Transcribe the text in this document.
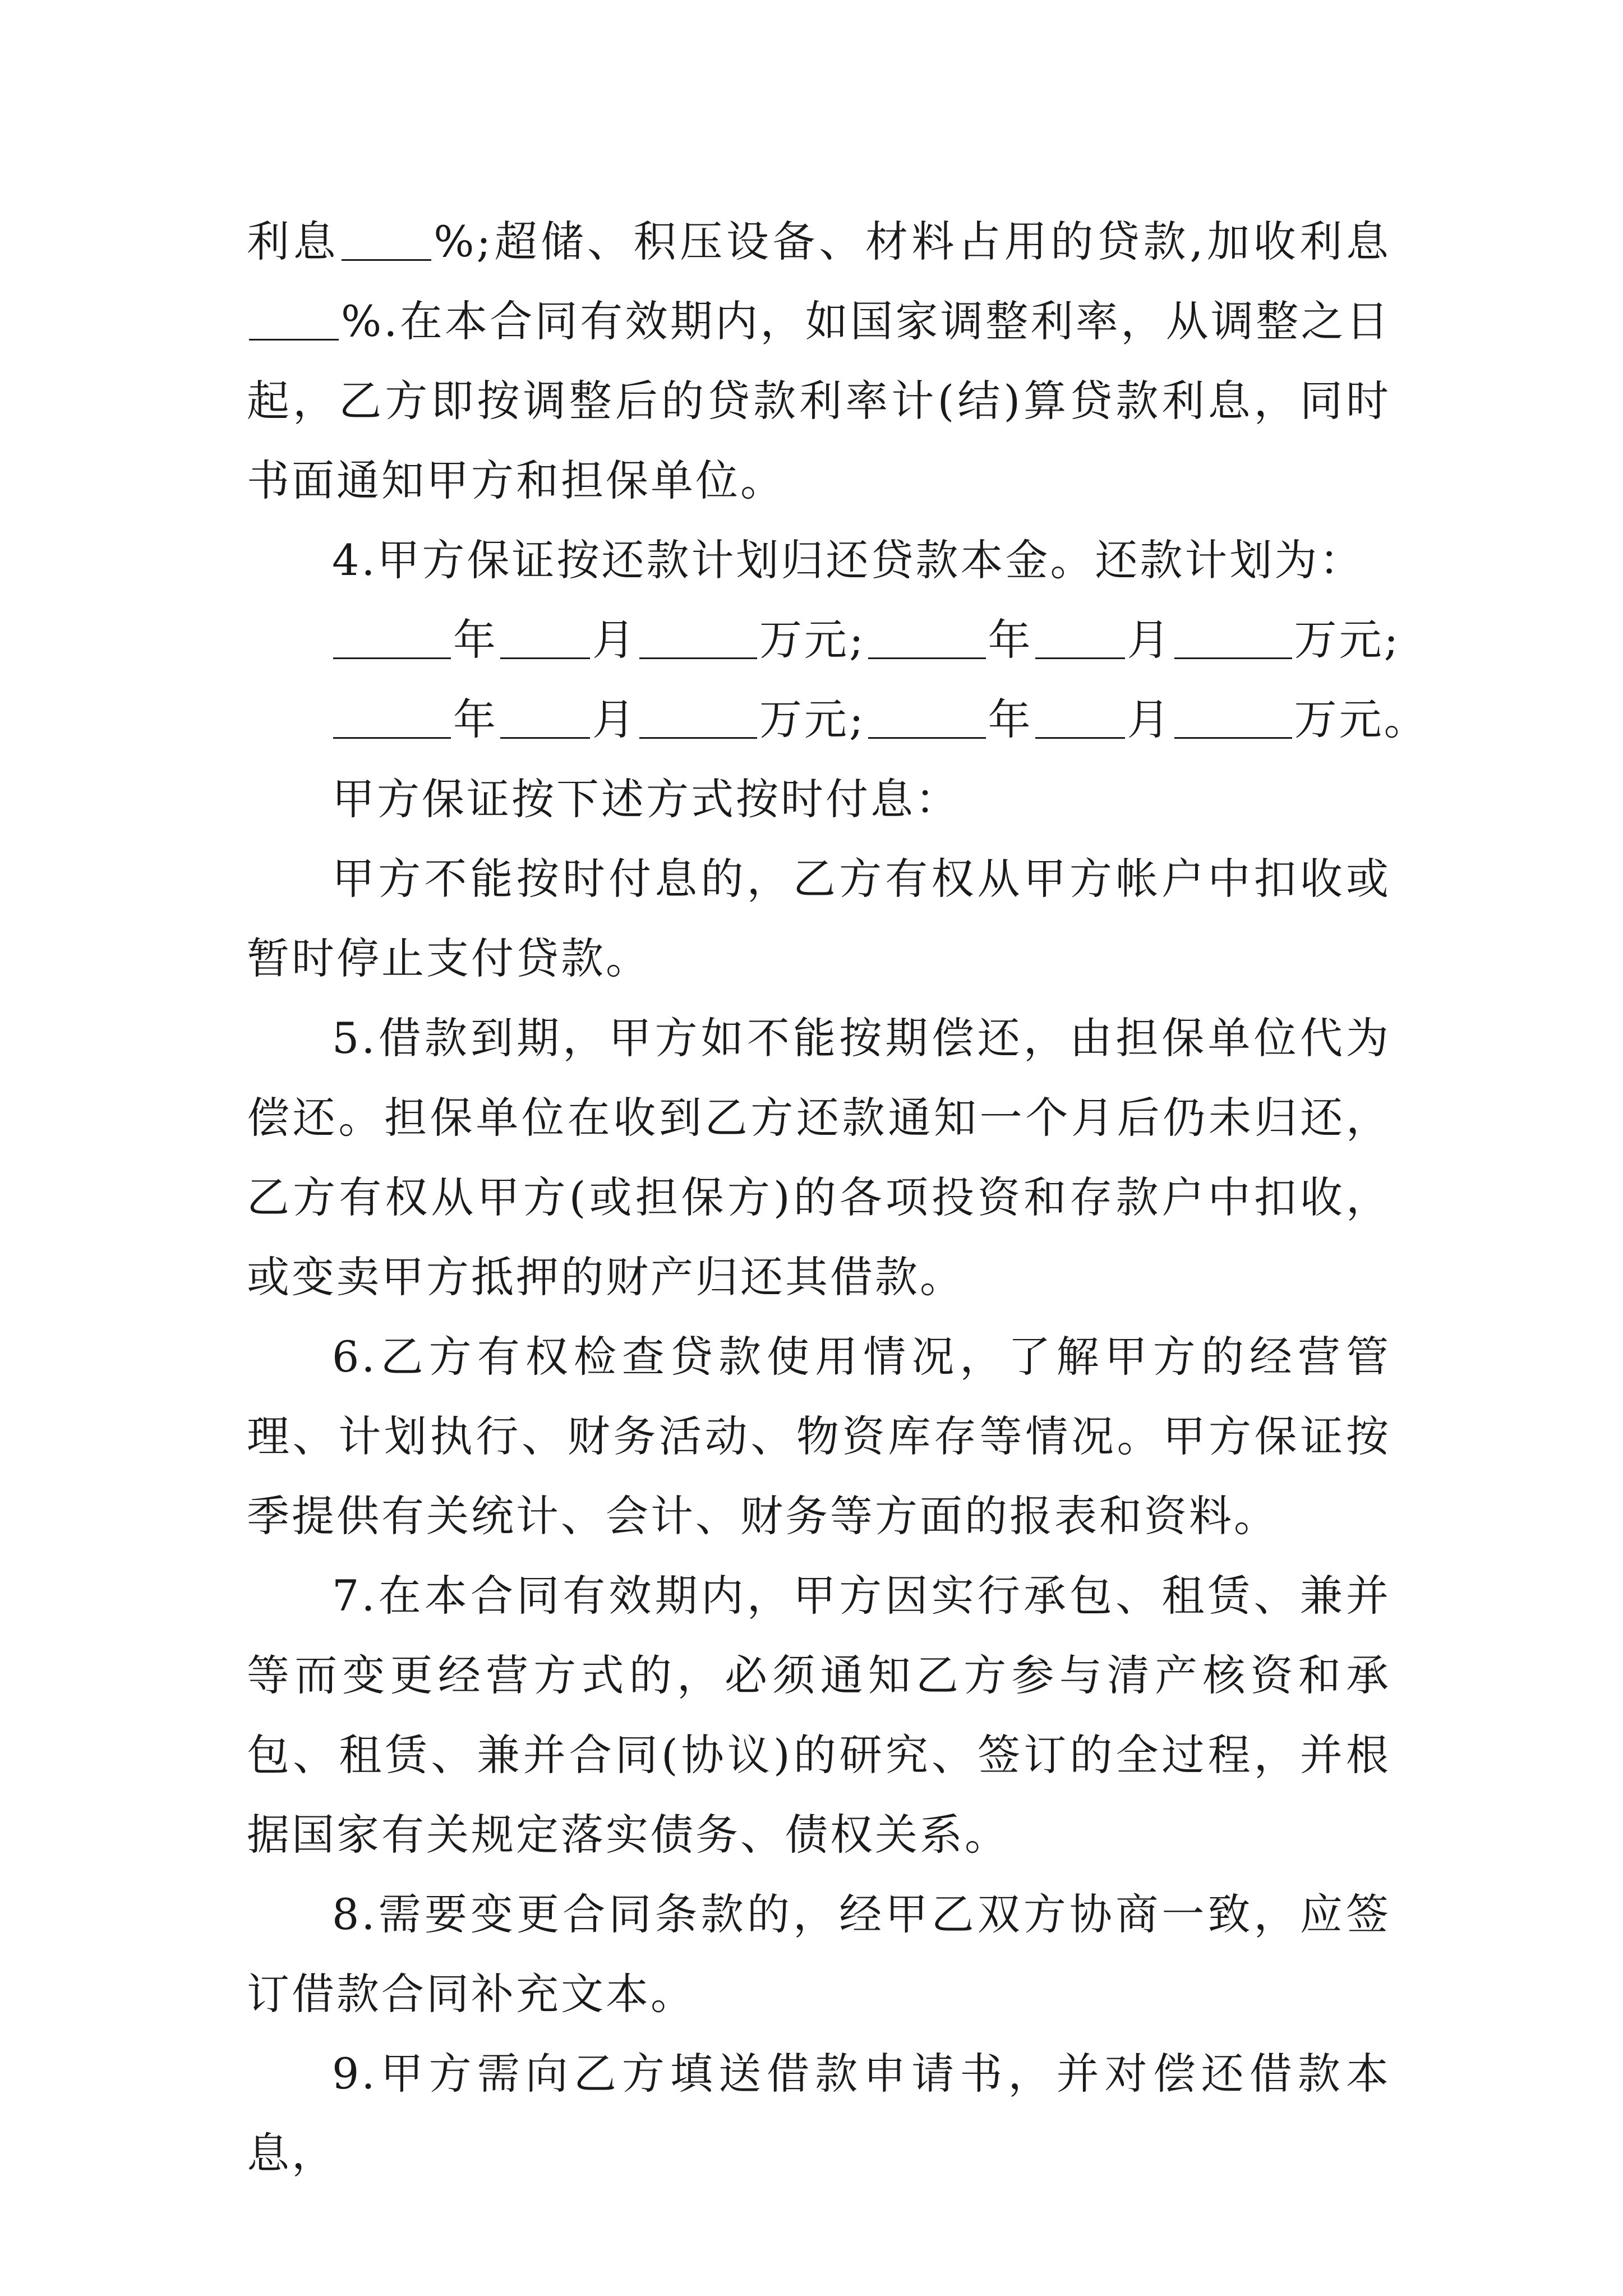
利息 %;超储、积压设备、材料占用的贷款,加收利息%.在本合同有效期内，如国家调整利率，从调整之日起，乙方即按调整后的贷款利率计(结)算贷款利息，同时书面通知甲方和担保单位。

4.甲方保证按还款计划归还贷款本金。还款计划为：

年 月	万元;	年 月	万元;

年 月	万元;	年 月	万元。

甲方保证按下述方式按时付息：

甲方不能按时付息的，乙方有权从甲方帐户中扣收或暂时停止支付贷款。

5.借款到期，甲方如不能按期偿还，由担保单位代为偿还。担保单位在收到乙方还款通知一个月后仍未归还，乙方有权从甲方(或担保方)的各项投资和存款户中扣收，或变卖甲方抵押的财产归还其借款。

6.乙方有权检查贷款使用情况，了解甲方的经营管理、计划执行、财务活动、物资库存等情况。甲方保证按季提供有关统计、会计、财务等方面的报表和资料。

7.在本合同有效期内，甲方因实行承包、租赁、兼并等而变更经营方式的，必须通知乙方参与清产核资和承包、租赁、兼并合同(协议)的研究、签订的全过程，并根据国家有关规定落实债务、债权关系。

8.需要变更合同条款的，经甲乙双方协商一致，应签订借款合同补充文本。

9.甲方需向乙方填送借款申请书，并对偿还借款本息，
